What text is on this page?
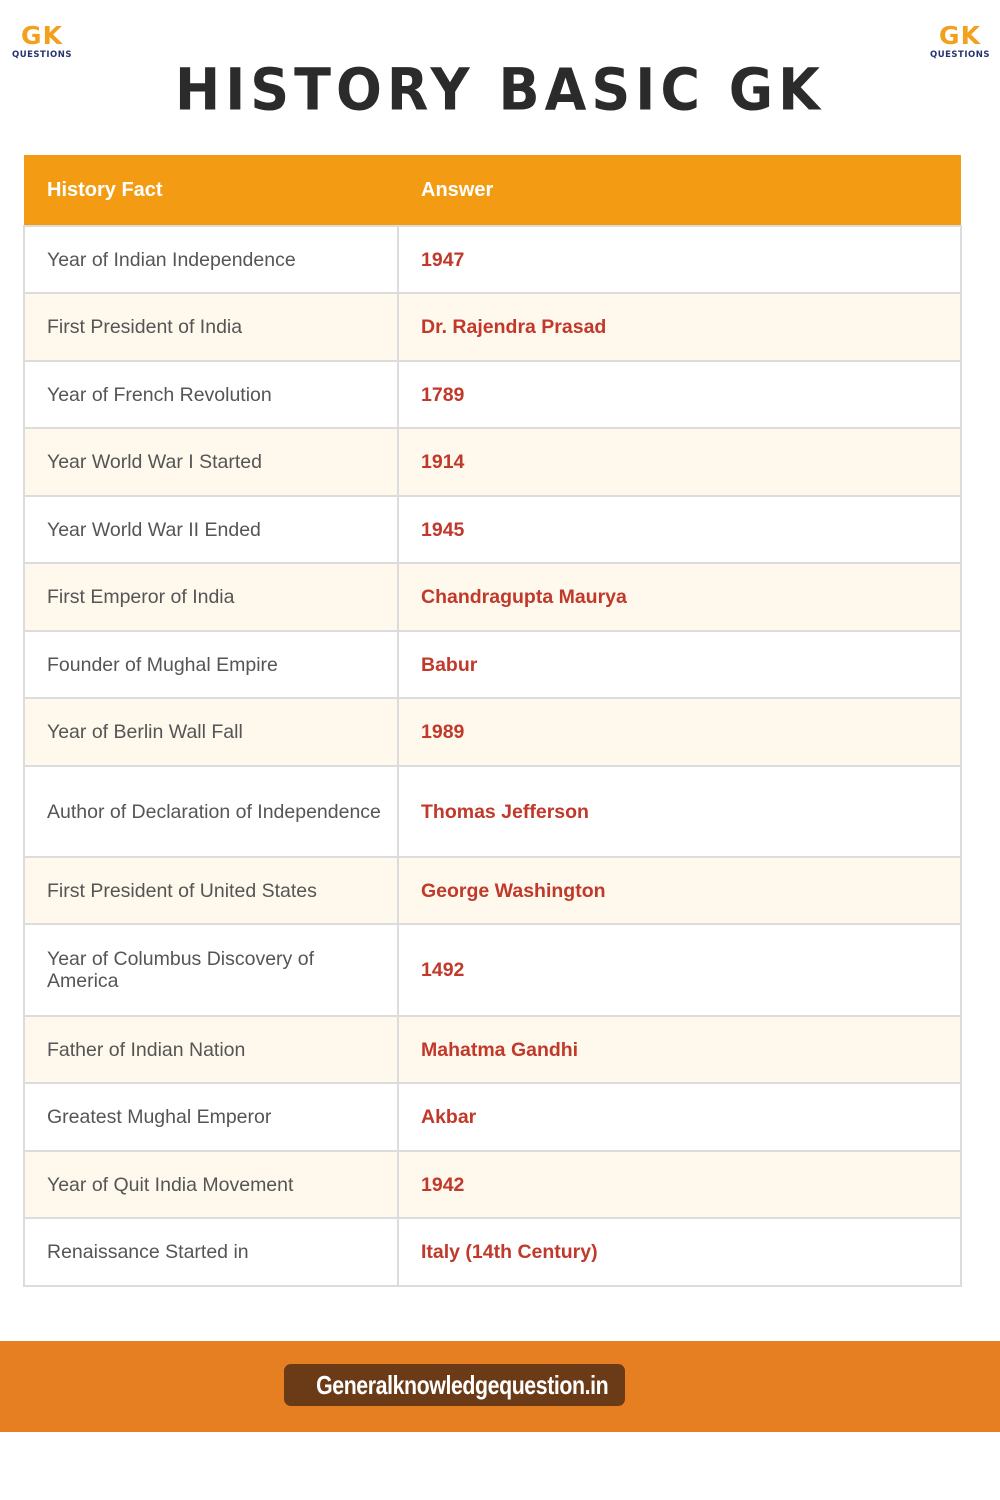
GK
QUESTIONS
GK
QUESTIONS
HISTORY BASIC GK
History Fact	Answer
Year of Indian Independence	1947
First President of India	Dr. Rajendra Prasad
Year of French Revolution	1789
Year World War I Started	1914
Year World War II Ended	1945
First Emperor of India	Chandragupta Maurya
Founder of Mughal Empire	Babur
Year of Berlin Wall Fall	1989
Author of Declaration of Independence	Thomas Jefferson
First President of United States	George Washington
Year of Columbus Discovery of America	1492
Father of Indian Nation	Mahatma Gandhi
Greatest Mughal Emperor	Akbar
Year of Quit India Movement	1942
Renaissance Started in	Italy (14th Century)
Generalknowledgequestion.in
